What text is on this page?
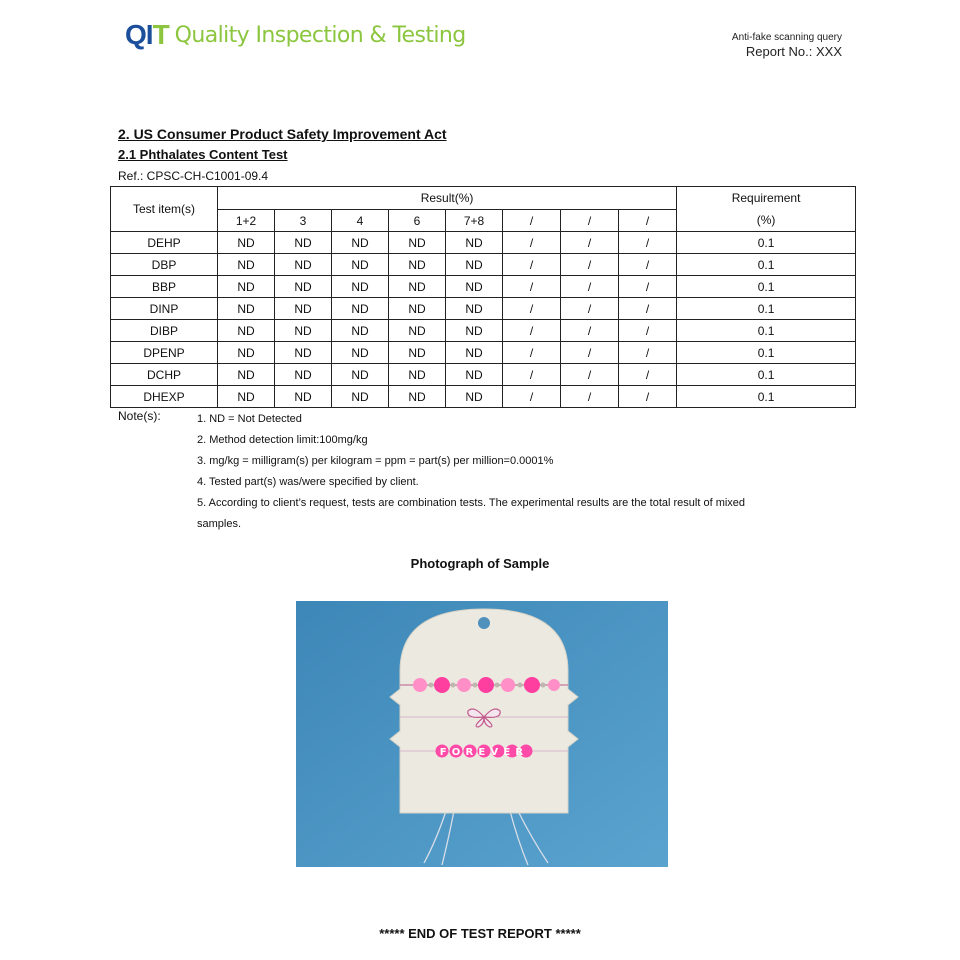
QIT Quality Inspection & Testing	Anti-fake scanning query
Report No.: XXX
2. US Consumer Product Safety Improvement Act
2.1 Phthalates Content Test
Ref.: CPSC-CH-C1001-09.4
Test item(s)	Result(%)								Requirement
	1+2	3	4	6	7+8	/	/	/	(%)
DEHP	ND	ND	ND	ND	ND	/	/	/	0.1
DBP	ND	ND	ND	ND	ND	/	/	/	0.1
BBP	ND	ND	ND	ND	ND	/	/	/	0.1
DINP	ND	ND	ND	ND	ND	/	/	/	0.1
DIBP	ND	ND	ND	ND	ND	/	/	/	0.1
DPENP	ND	ND	ND	ND	ND	/	/	/	0.1
DCHP	ND	ND	ND	ND	ND	/	/	/	0.1
DHEXP	ND	ND	ND	ND	ND	/	/	/	0.1
Note(s):	1. ND = Not Detected
2. Method detection limit:100mg/kg
3. mg/kg = milligram(s) per kilogram = ppm = part(s) per million=0.0001%
4. Tested part(s) was/were specified by client.
5. According to client’s request, tests are combination tests. The experimental results are the total result of mixed
samples.
Photograph of Sample
FOREVER
***** END OF TEST REPORT *****
